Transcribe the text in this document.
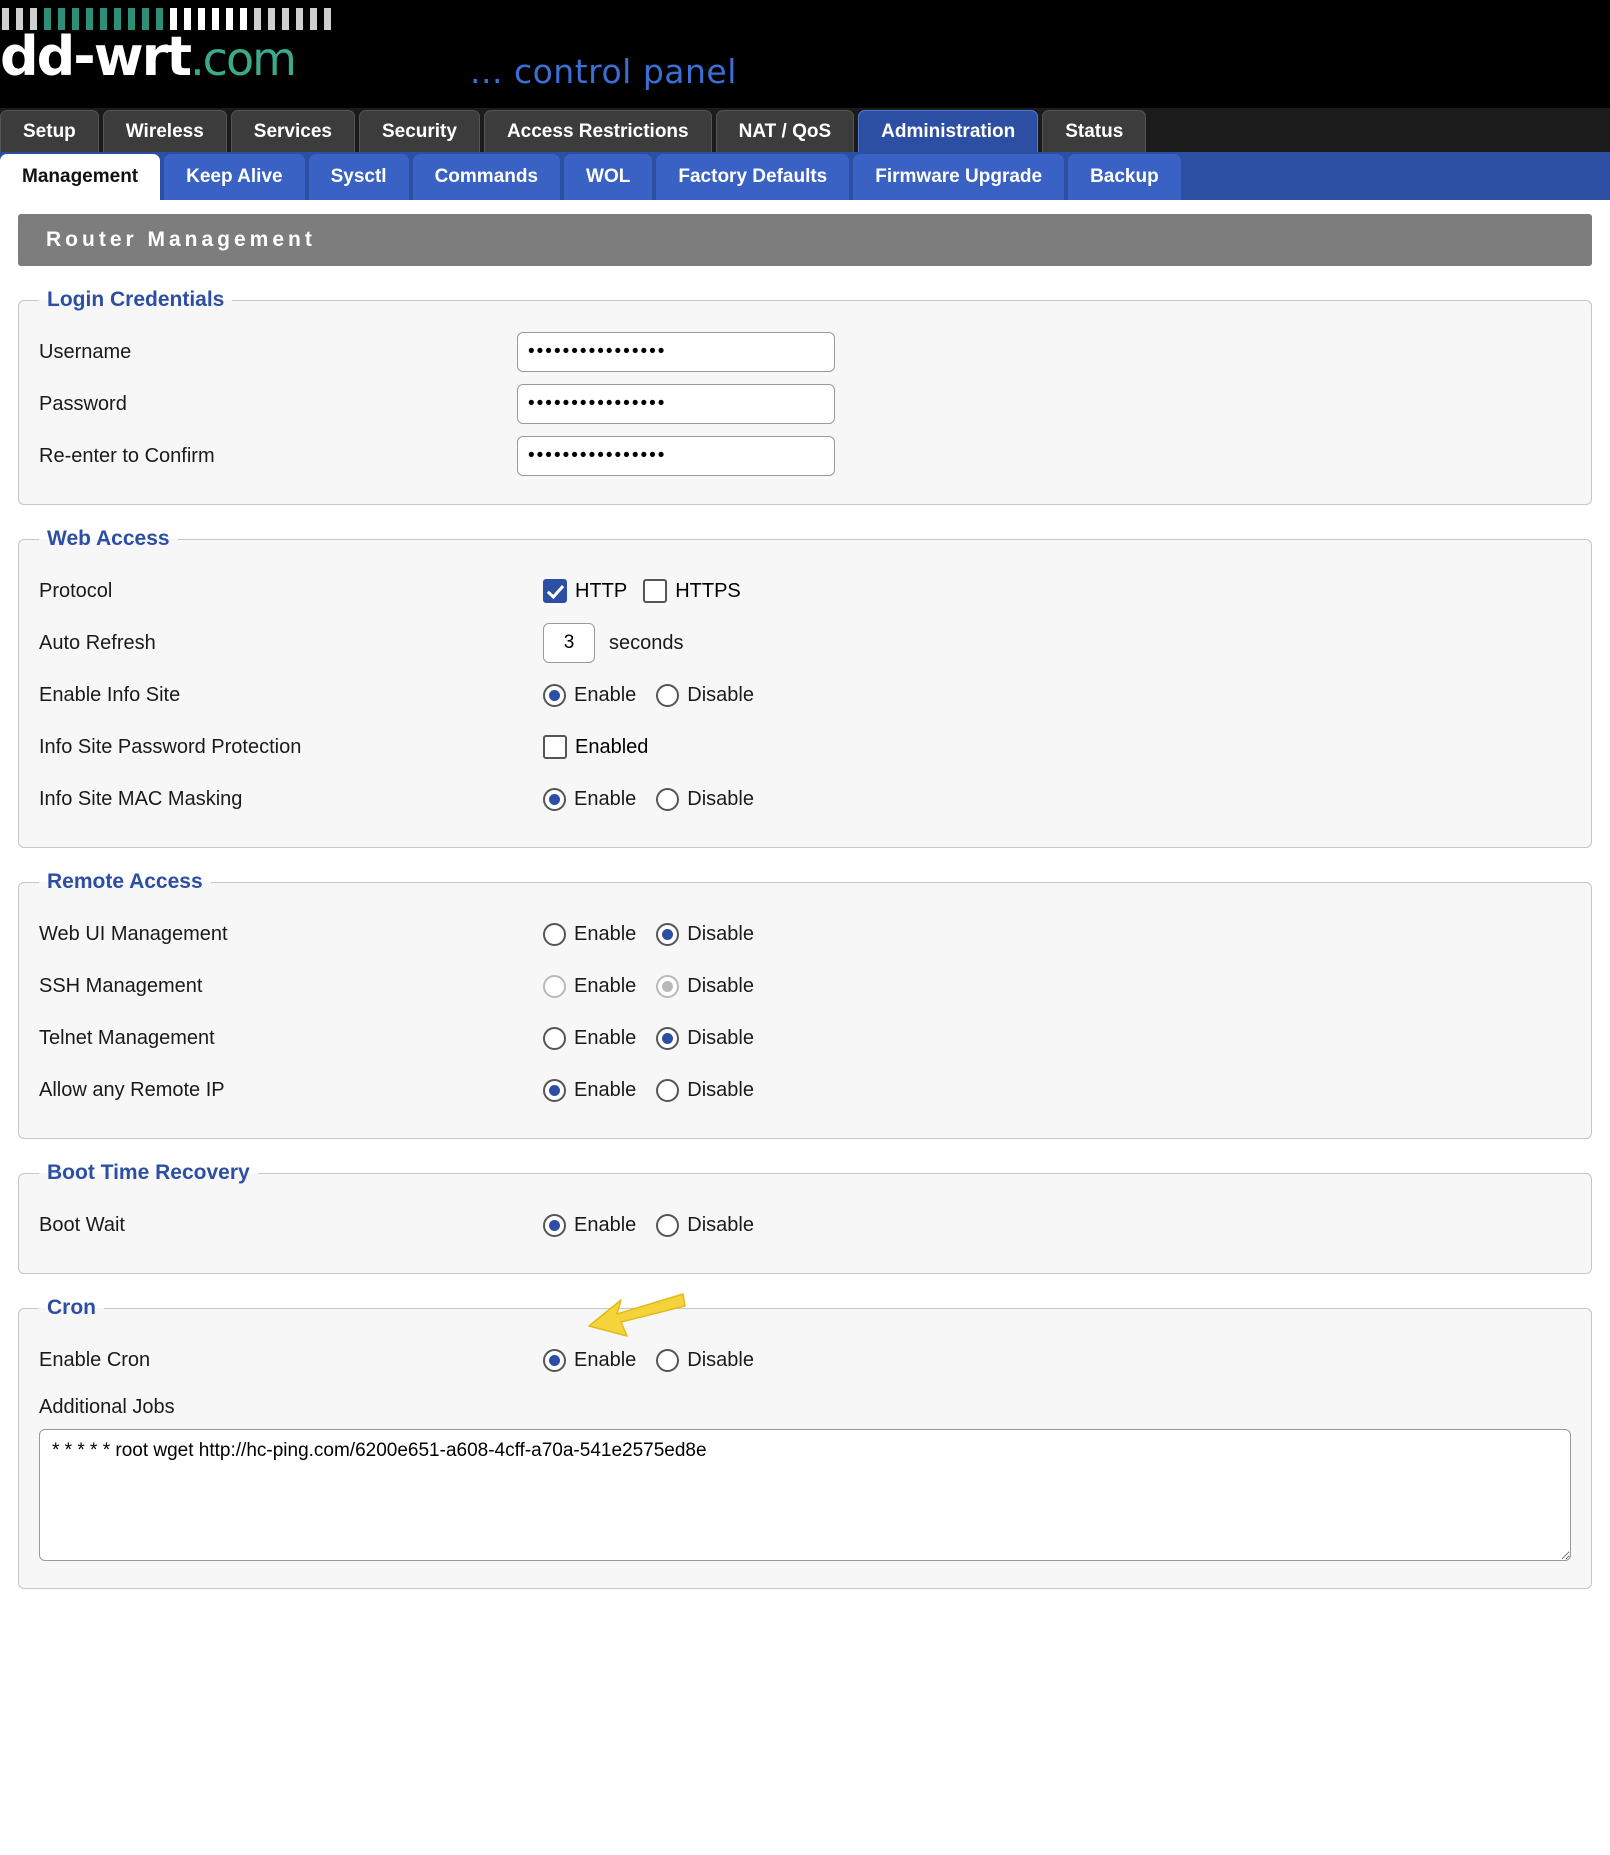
dd-wrt.com	... control panel
Setup	Wireless	Services	Security	Access Restrictions	NAT / QoS	Administration	Status
Management	Keep Alive	Sysctl	Commands	WOL	Factory Defaults	Firmware Upgrade	Backup
Router Management
Login Credentials
Username
••••••••••••••••
Password
••••••••••••••••
Re-enter to Confirm
••••••••••••••••
Web Access
Protocol	HTTP HTTPS
Auto Refresh
3	seconds
Enable Info Site	Enable	Disable
Info Site Password Protection	Enabled
Info Site MAC Masking	Enable	Disable
Remote Access
Web UI Management	Enable	Disable
SSH Management	Enable	Disable
Telnet Management	Enable	Disable
Allow any Remote IP	Enable	Disable
Boot Time Recovery
Boot Wait	Enable	Disable
Cron
Enable Cron	Enable	Disable
Additional Jobs
* * * * * root wget http://hc-ping.com/6200e651-a608-4cff-a70a-541e2575ed8e
